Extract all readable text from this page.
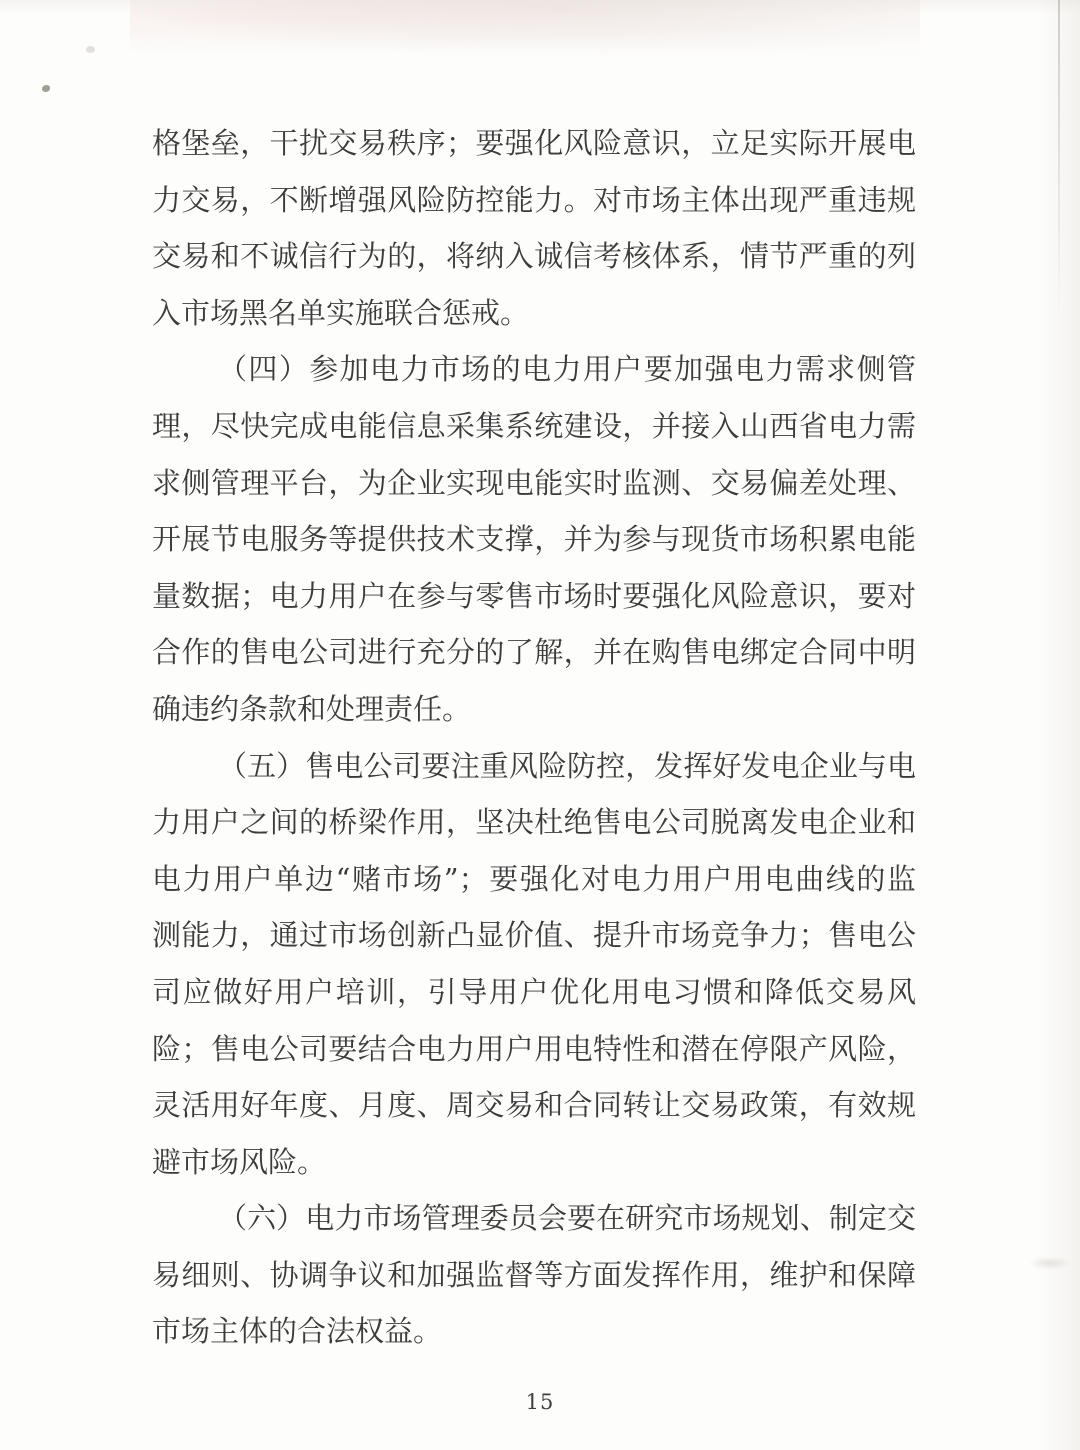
格堡垒，干扰交易秩序；要强化风险意识，立足实际开展电
力交易，不断增强风险防控能力。对市场主体出现严重违规
交易和不诚信行为的，将纳入诚信考核体系，情节严重的列
入市场黑名单实施联合惩戒。
（四）参加电力市场的电力用户要加强电力需求侧管
理，尽快完成电能信息采集系统建设，并接入山西省电力需
求侧管理平台，为企业实现电能实时监测、交易偏差处理、
开展节电服务等提供技术支撑，并为参与现货市场积累电能
量数据；电力用户在参与零售市场时要强化风险意识，要对
合作的售电公司进行充分的了解，并在购售电绑定合同中明
确违约条款和处理责任。
（五）售电公司要注重风险防控，发挥好发电企业与电
力用户之间的桥梁作用，坚决杜绝售电公司脱离发电企业和
电力用户单边“赌市场”；要强化对电力用户用电曲线的监
测能力，通过市场创新凸显价值、提升市场竞争力；售电公
司应做好用户培训，引导用户优化用电习惯和降低交易风
险；售电公司要结合电力用户用电特性和潜在停限产风险，
灵活用好年度、月度、周交易和合同转让交易政策，有效规
避市场风险。
（六）电力市场管理委员会要在研究市场规划、制定交
易细则、协调争议和加强监督等方面发挥作用，维护和保障
市场主体的合法权益。
15
